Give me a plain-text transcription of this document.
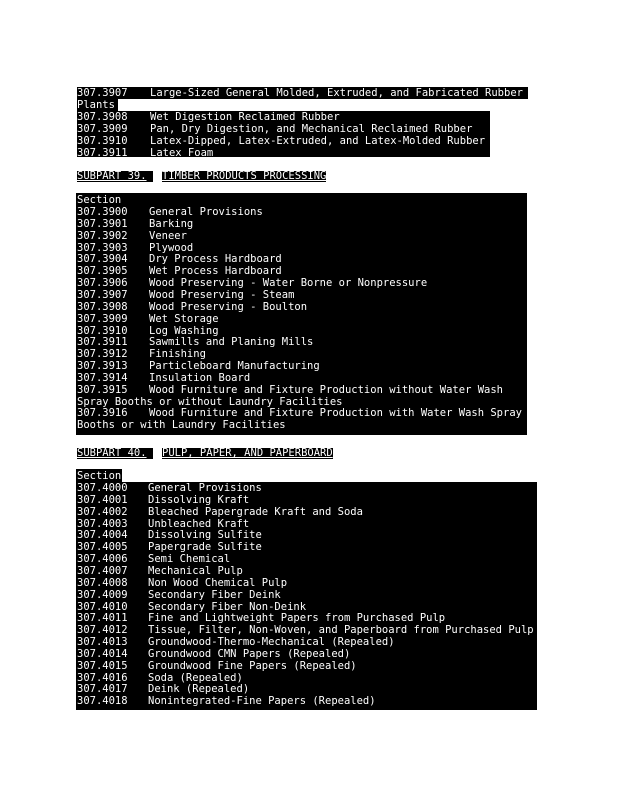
307.3907 Large-Sized General Molded, Extruded, and Fabricated Rubber
Plants
307.3908 Wet Digestion Reclaimed Rubber
307.3909 Pan, Dry Digestion, and Mechanical Reclaimed Rubber
307.3910 Latex-Dipped, Latex-Extruded, and Latex-Molded Rubber
307.3911 Latex Foam
SUBPART 39.	TIMBER PRODUCTS PROCESSING
Section
307.3900 General Provisions
307.3901 Barking
307.3902 Veneer
307.3903 Plywood
307.3904 Dry Process Hardboard
307.3905 Wet Process Hardboard
307.3906 Wood Preserving - Water Borne or Nonpressure
307.3907 Wood Preserving - Steam
307.3908 Wood Preserving - Boulton
307.3909 Wet Storage
307.3910 Log Washing
307.3911 Sawmills and Planing Mills
307.3912 Finishing
307.3913 Particleboard Manufacturing
307.3914 Insulation Board
307.3915 Wood Furniture and Fixture Production without Water Wash
Spray Booths or without Laundry Facilities
307.3916 Wood Furniture and Fixture Production with Water Wash Spray
Booths or with Laundry Facilities
SUBPART 40.	PULP, PAPER, AND PAPERBOARD
Section
307.4000 General Provisions
307.4001 Dissolving Kraft
307.4002 Bleached Papergrade Kraft and Soda
307.4003 Unbleached Kraft
307.4004 Dissolving Sulfite
307.4005 Papergrade Sulfite
307.4006 Semi Chemical
307.4007 Mechanical Pulp
307.4008 Non Wood Chemical Pulp
307.4009 Secondary Fiber Deink
307.4010 Secondary Fiber Non-Deink
307.4011 Fine and Lightweight Papers from Purchased Pulp
307.4012 Tissue, Filter, Non-Woven, and Paperboard from Purchased Pulp
307.4013 Groundwood-Thermo-Mechanical (Repealed)
307.4014 Groundwood CMN Papers (Repealed)
307.4015 Groundwood Fine Papers (Repealed)
307.4016 Soda (Repealed)
307.4017 Deink (Repealed)
307.4018 Nonintegrated-Fine Papers (Repealed)
